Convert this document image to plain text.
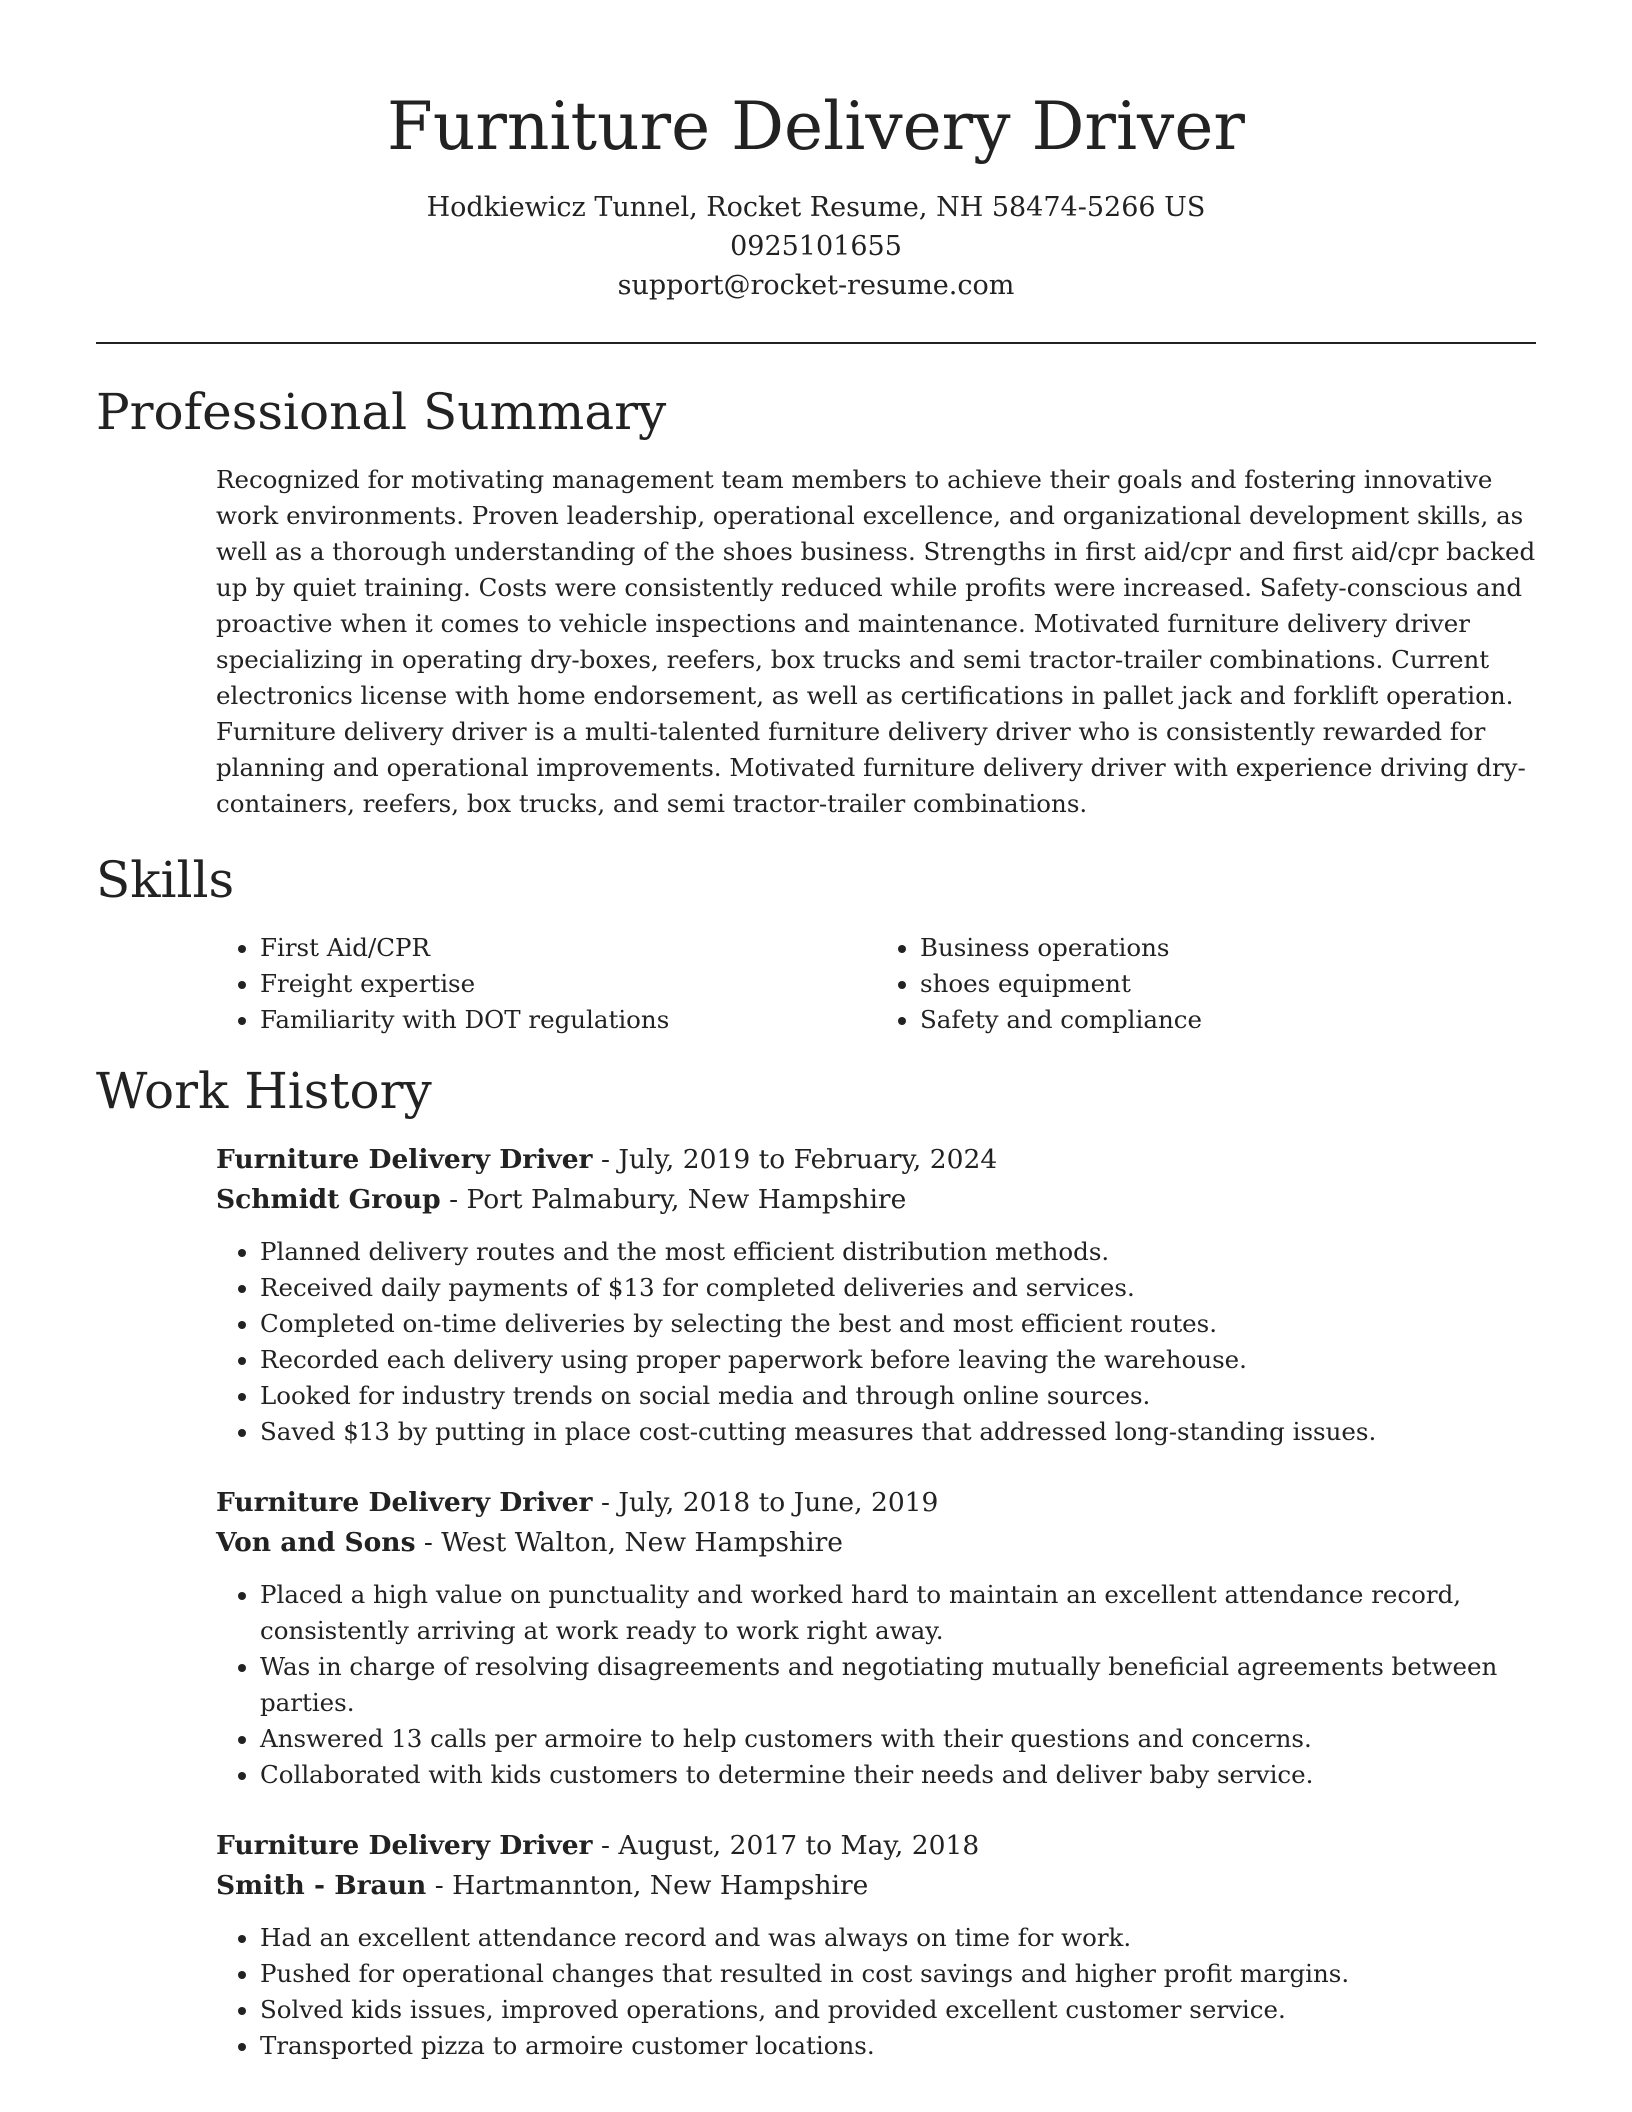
Furniture Delivery Driver

Hodkiewicz Tunnel, Rocket Resume, NH 58474-5266 US

0925101655

support@rocket-resume.com

Professional Summary

Recognized for motivating management team members to achieve their goals and fostering innovative work environments. Proven leadership, operational excellence, and organizational development skills, as well as a thorough understanding of the shoes business. Strengths in first aid/cpr and first aid/cpr backed up by quiet training. Costs were consistently reduced while profits were increased. Safety-conscious and proactive when it comes to vehicle inspections and maintenance. Motivated furniture delivery driver specializing in operating dry-boxes, reefers, box trucks and semi tractor-trailer combinations. Current electronics license with home endorsement, as well as certifications in pallet jack and forklift operation. Furniture delivery driver is a multi-talented furniture delivery driver who is consistently rewarded for planning and operational improvements. Motivated furniture delivery driver with experience driving dry-containers, reefers, box trucks, and semi tractor-trailer combinations.

Skills
• First Aid/CPR
• Freight expertise
• Familiarity with DOT regulations
• Business operations
• shoes equipment
• Safety and compliance
Work History

Furniture Delivery Driver - July, 2019 to February, 2024

Schmidt Group - Port Palmabury, New Hampshire

• Planned delivery routes and the most efficient distribution methods.
• Received daily payments of $13 for completed deliveries and services.
• Completed on-time deliveries by selecting the best and most efficient routes.
• Recorded each delivery using proper paperwork before leaving the warehouse.
• Looked for industry trends on social media and through online sources.
• Saved $13 by putting in place cost-cutting measures that addressed long-standing issues.

Furniture Delivery Driver - July, 2018 to June, 2019

Von and Sons - West Walton, New Hampshire

• Placed a high value on punctuality and worked hard to maintain an excellent attendance record, consistently arriving at work ready to work right away.
• Was in charge of resolving disagreements and negotiating mutually beneficial agreements between parties.
• Answered 13 calls per armoire to help customers with their questions and concerns.
• Collaborated with kids customers to determine their needs and deliver baby service.

Furniture Delivery Driver - August, 2017 to May, 2018

Smith - Braun - Hartmannton, New Hampshire

• Had an excellent attendance record and was always on time for work.
• Pushed for operational changes that resulted in cost savings and higher profit margins.
• Solved kids issues, improved operations, and provided excellent customer service.
• Transported pizza to armoire customer locations.
